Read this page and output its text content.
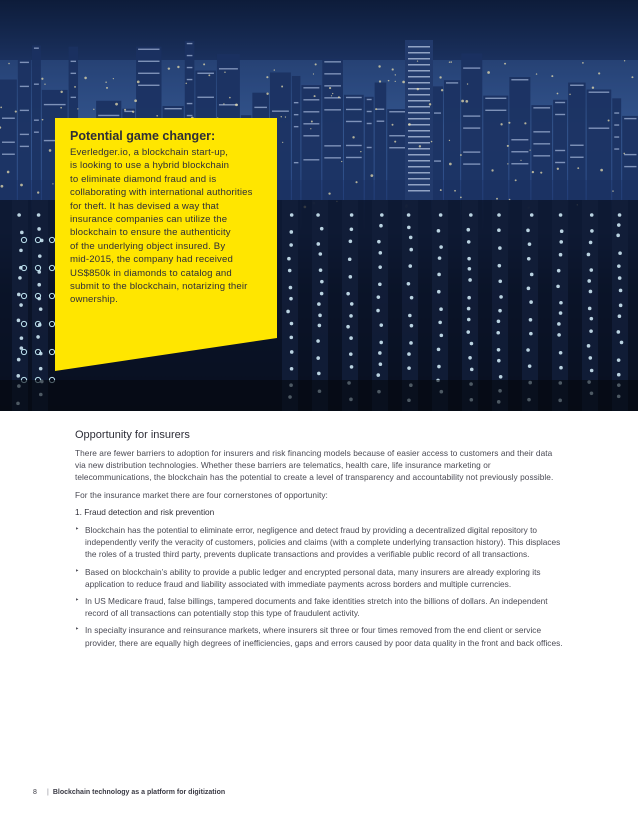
Potential game changer:

Everledger.io, a blockchain start-up,
is looking to use a hybrid blockchain
to eliminate diamond fraud and is
collaborating with international authorities
for theft. It has devised a way that
insurance companies can utilize the
blockchain to ensure the authenticity
of the underlying object insured. By
mid-2015, the company had received
US$850k in diamonds to catalog and
submit to the blockchain, notarizing their
ownership.

Opportunity for insurers

There are fewer barriers to adoption for insurers and risk financing models because of easier access to customers and their data via new distribution technologies. Whether these barriers are telematics, health care, life insurance marketing or telecommunications, the blockchain has the potential to create a level of transparency and accountability not previously possible.

For the insurance market there are four cornerstones of opportunity:

1. Fraud detection and risk prevention
‣ Blockchain has the potential to eliminate error, negligence and detect fraud by providing a decentralized digital repository to independently verify the veracity of customers, policies and claims (with a complete underlying transaction history). This displaces the roles of a trusted third party, prevents duplicate transactions and provides a verifiable public record of all transactions.
‣ Based on blockchain’s ability to provide a public ledger and encrypted personal data, many insurers are already exploring its application to reduce fraud and liability associated with immediate payments across borders and multiple currencies.
‣ In US Medicare fraud, false billings, tampered documents and fake identities stretch into the billions of dollars. An independent record of all transactions can potentially stop this type of fraudulent activity.
‣ In specialty insurance and reinsurance markets, where insurers sit three or four times removed from the end client or service provider, there are equally high degrees of inefficiencies, gaps and errors caused by poor data quality in the front and back offices.
8 | Blockchain technology as a platform for digitization
